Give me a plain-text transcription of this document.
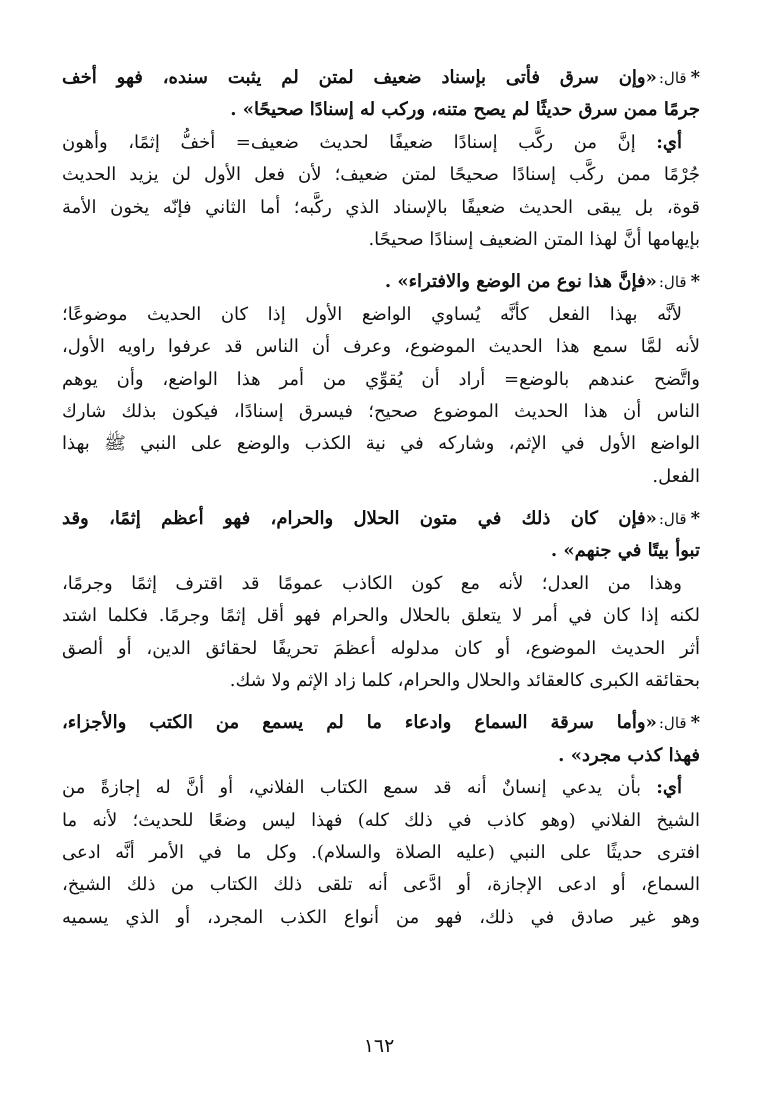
*قال:«وإن سرق فأتى بإسناد ضعيف لمتن لم يثبت سنده، فهو أخف
جرمًا ممن سرق حديثًا لم يصح متنه، وركب له إسنادًا صحيحًا» .
أي: إنَّ من ركَّب إسنادًا ضعيفًا لحديث ضعيف= أخفُّ إثمًا، وأهون
جُرْمًا ممن ركَّب إسنادًا صحيحًا لمتن ضعيف؛ لأن فعل الأول لن يزيد الحديث
قوة، بل يبقى الحديث ضعيفًا بالإسناد الذي ركَّبه؛ أما الثاني فإنّه يخون الأمة
بإيهامها أنَّ لهذا المتن الضعيف إسنادًا صحيحًا.
*قال:«فإنَّ هذا نوع من الوضع والافتراء» .
لأنَّه بهذا الفعل كأنَّه يُساوي الواضع الأول إذا كان الحديث موضوعًا؛
لأنه لمَّا سمع هذا الحديث الموضوع، وعرف أن الناس قد عرفوا راويه الأول،
واتَّضح عندهم بالوضع= أراد أن يُقوِّي من أمر هذا الواضع، وأن يوهم
الناس أن هذا الحديث الموضوع صحيح؛ فيسرق إسنادًا، فيكون بذلك شارك
الواضع الأول في الإثم، وشاركه في نية الكذب والوضع على النبي ﷺ بهذا
الفعل.
*قال:«فإن كان ذلك في متون الحلال والحرام، فهو أعظم إثمًا، وقد
تبوأ بيتًا في جنهم» .
وهذا من العدل؛ لأنه مع كون الكاذب عمومًا قد اقترف إثمًا وجرمًا،
لكنه إذا كان في أمر لا يتعلق بالحلال والحرام فهو أقل إثمًا وجرمًا. فكلما اشتد
أثر الحديث الموضوع، أو كان مدلوله أعظمَ تحريفًا لحقائق الدين، أو ألصق
بحقائقه الكبرى كالعقائد والحلال والحرام، كلما زاد الإثم ولا شك.
*قال:«وأما سرقة السماع وادعاء ما لم يسمع من الكتب والأجزاء،
فهذا كذب مجرد» .
أي: بأن يدعي إنسانٌ أنه قد سمع الكتاب الفلاني، أو أنَّ له إجازةً من
الشيخ الفلاني (وهو كاذب في ذلك كله) فهذا ليس وضعًا للحديث؛ لأنه ما
افترى حديثًا على النبي (عليه الصلاة والسلام). وكل ما في الأمر أنَّه ادعى
السماع، أو ادعى الإجازة، أو ادَّعى أنه تلقى ذلك الكتاب من ذلك الشيخ،
وهو غير صادق في ذلك، فهو من أنواع الكذب المجرد، أو الذي يسميه
١٦٢
